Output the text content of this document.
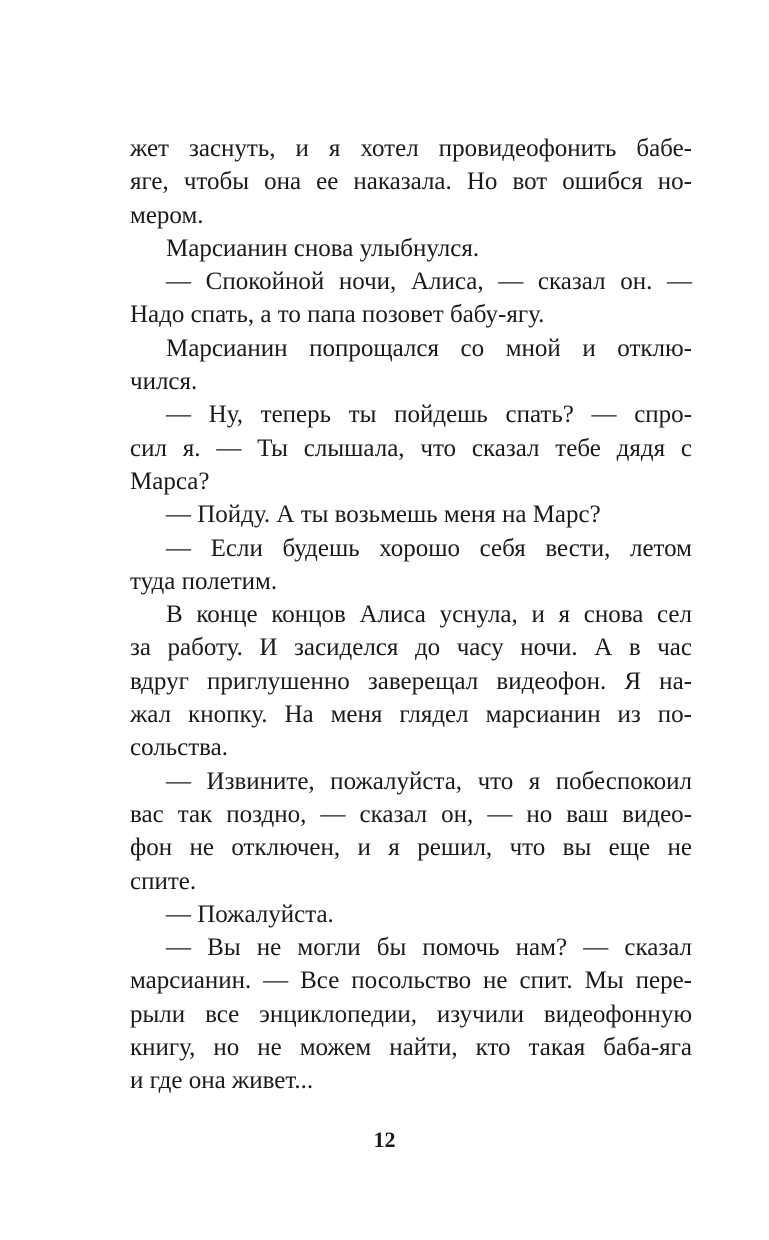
жет заснуть, и я хотел провидеофонить бабе-
яге, чтобы она ее наказала. Но вот ошибся но-
мером.
Марсианин снова улыбнулся.
— Спокойной ночи, Алиса, — сказал он. —
Надо спать, а то папа позовет бабу-ягу.
Марсианин попрощался со мной и отклю-
чился.
— Ну, теперь ты пойдешь спать? — спро-
сил я. — Ты слышала, что сказал тебе дядя с
Марса?
— Пойду. А ты возьмешь меня на Марс?
— Если будешь хорошо себя вести, летом
туда полетим.
В конце концов Алиса уснула, и я снова сел
за работу. И засиделся до часу ночи. А в час
вдруг приглушенно заверещал видеофон. Я на-
жал кнопку. На меня глядел марсианин из по-
сольства.
— Извините, пожалуйста, что я побеспокоил
вас так поздно, — сказал он, — но ваш видео-
фон не отключен, и я решил, что вы еще не
спите.
— Пожалуйста.
— Вы не могли бы помочь нам? — сказал
марсианин. — Все посольство не спит. Мы пере-
рыли все энциклопедии, изучили видеофонную
книгу, но не можем найти, кто такая баба-яга
и где она живет...
12
